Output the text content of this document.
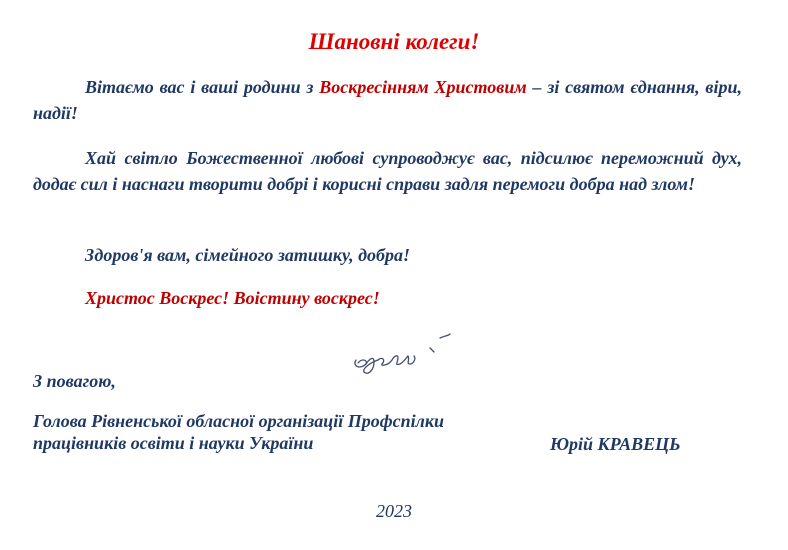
Шановні колеги!
Вітаємо вас і ваші родини з Воскресінням Христовим – зі святом єднання, віри, надії!
Хай світло Божественної любові супроводжує вас, підсилює переможний дух, додає сил і наснаги творити добрі і корисні справи задля перемоги добра над злом!
Здоров'я вам, сімейного затишку, добра!
Христос Воскрес! Воістину воскрес!
З повагою,
Голова Рівненської обласної організації Профспілки
працівників освіти і науки України	Юрій КРАВЕЦЬ
2023
